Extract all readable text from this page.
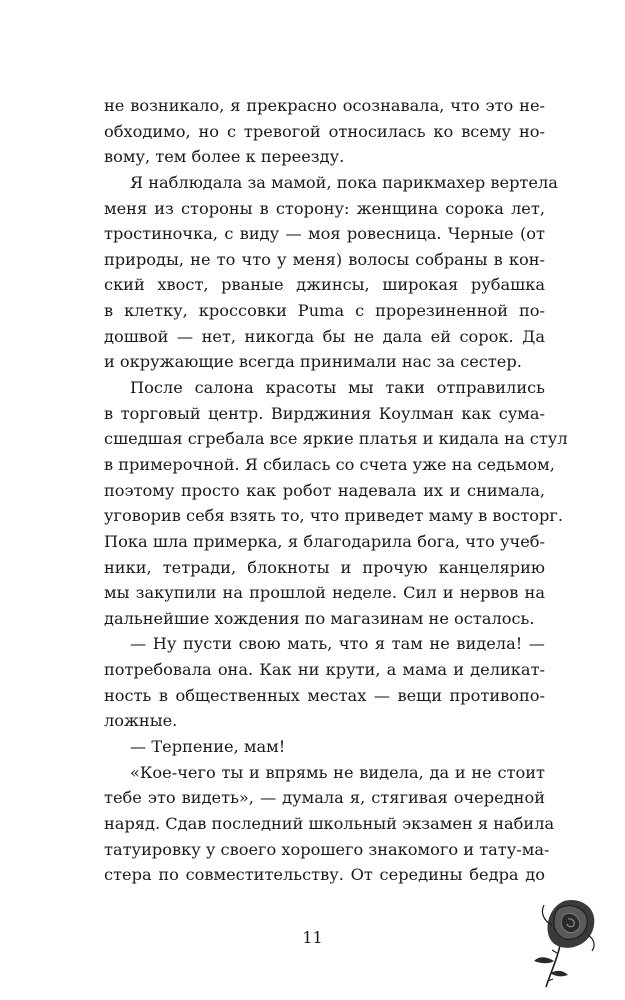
не возникало, я прекрасно осознавала, что это не-
обходимо, но с тревогой относилась ко всему но-
вому, тем более к переезду.
Я наблюдала за мамой, пока парикмахер вертела
меня из стороны в сторону: женщина сорока лет,
тростиночка, с виду — моя ровесница. Черные (от
природы, не то что у меня) волосы собраны в кон-
ский хвост, рваные джинсы, широкая рубашка
в клетку, кроссовки Puma с прорезиненной по-
дошвой — нет, никогда бы не дала ей сорок. Да
и окружающие всегда принимали нас за сестер.
После салона красоты мы таки отправились
в торговый центр. Вирджиния Коулман как сума-
сшедшая сгребала все яркие платья и кидала на стул
в примерочной. Я сбилась со счета уже на седьмом,
поэтому просто как робот надевала их и снимала,
уговорив себя взять то, что приведет маму в восторг.
Пока шла примерка, я благодарила бога, что учеб-
ники, тетради, блокноты и прочую канцелярию
мы закупили на прошлой неделе. Сил и нервов на
дальнейшие хождения по магазинам не осталось.
— Ну пусти свою мать, что я там не видела! —
потребовала она. Как ни крути, а мама и деликат-
ность в общественных местах — вещи противопо-
ложные.
— Терпение, мам!
«Кое-чего ты и впрямь не видела, да и не стоит
тебе это видеть», — думала я, стягивая очередной
наряд. Сдав последний школьный экзамен я набила
татуировку у своего хорошего знакомого и тату-ма-
стера по совместительству. От середины бедра до
11
